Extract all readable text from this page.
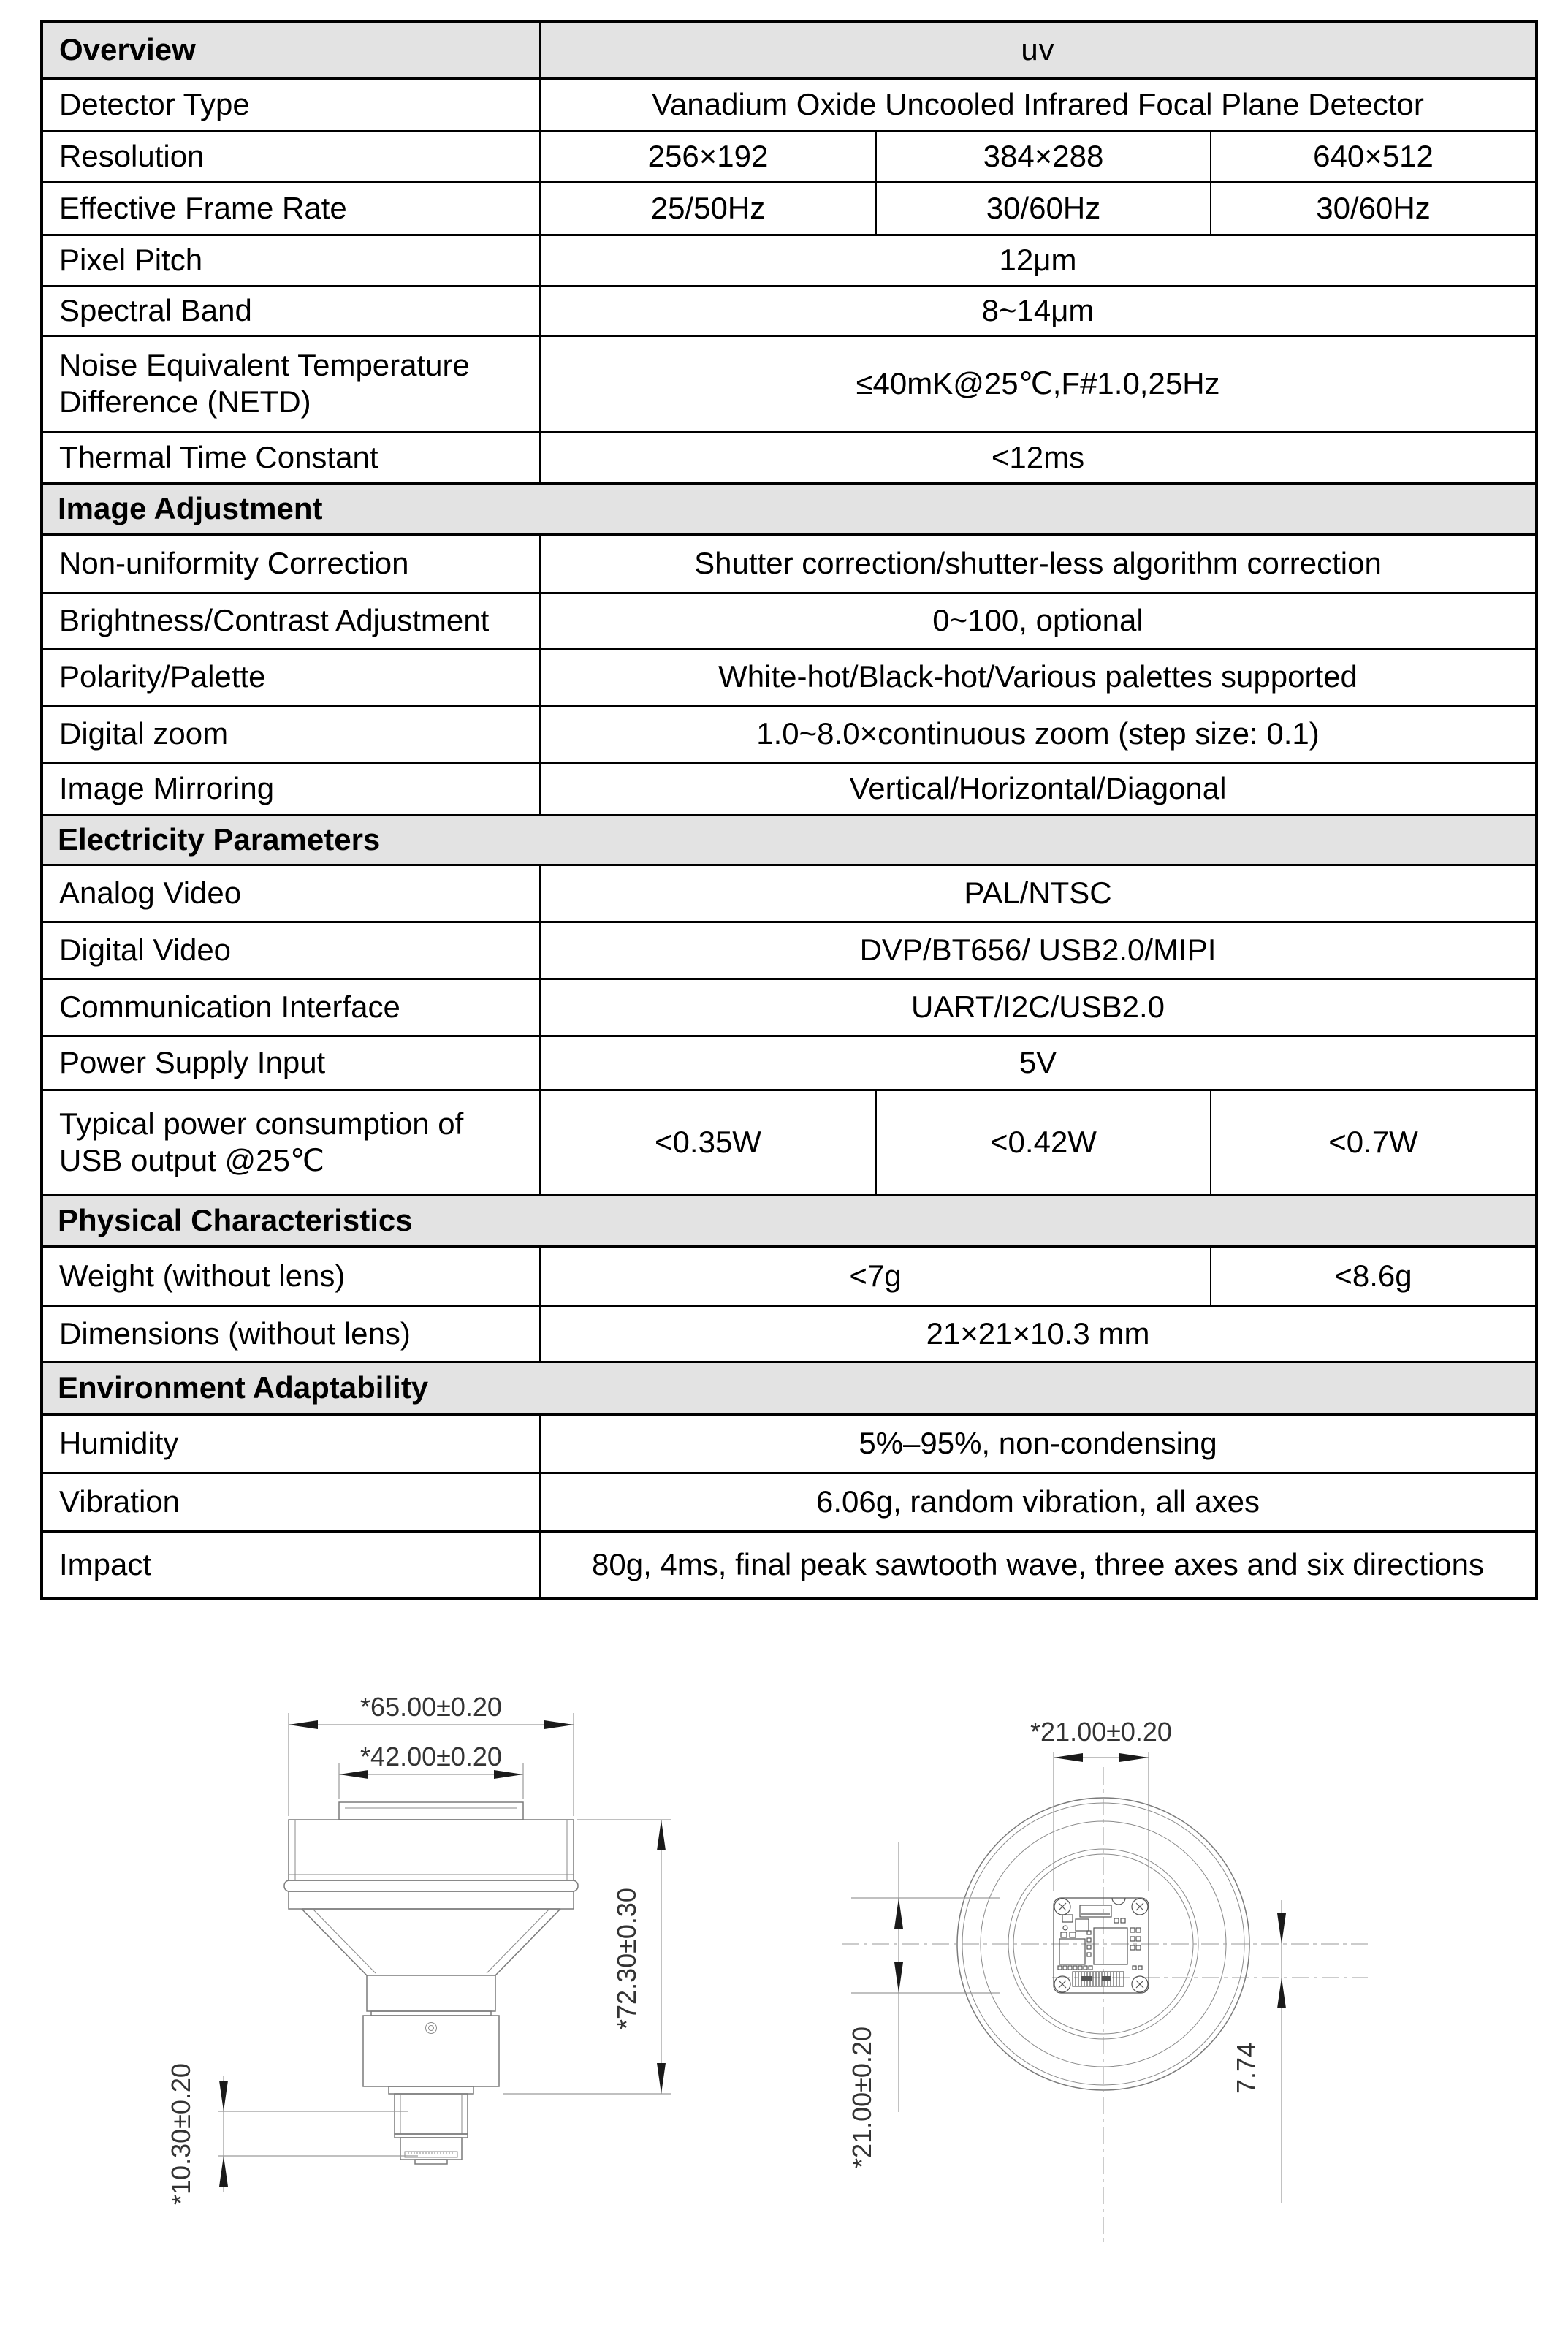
Overview	uv		
Detector Type	Vanadium Oxide Uncooled Infrared Focal Plane Detector		
Resolution	256×192	384×288	640×512
Effective Frame Rate	25/50Hz	30/60Hz	30/60Hz
Pixel Pitch	12μm		
Spectral Band	8~14μm		
Noise Equivalent Temperature Difference (NETD)	≤40mK@25℃,F#1.0,25Hz		
Thermal Time Constant	<12ms		
Image Adjustment			
Non-uniformity Correction	Shutter correction/shutter-less algorithm correction		
Brightness/Contrast Adjustment	0~100, optional		
Polarity/Palette	White-hot/Black-hot/Various palettes supported		
Digital zoom	1.0~8.0×continuous zoom (step size: 0.1)		
Image Mirroring	Vertical/Horizontal/Diagonal		
Electricity Parameters			
Analog Video	PAL/NTSC		
Digital Video	DVP/BT656/ USB2.0/MIPI		
Communication Interface	UART/I2C/USB2.0		
Power Supply Input	5V		
Typical power consumption of USB output @25℃	<0.35W	<0.42W	<0.7W
Physical Characteristics			
Weight (without lens)	<7g		<8.6g
Dimensions (without lens)	21×21×10.3 mm		
Environment Adaptability			
Humidity	5%–95%, non-condensing		
Vibration	6.06g, random vibration, all axes		
Impact	80g, 4ms, final peak sawtooth wave, three axes and six directions		
*65.00±0.20
*42.00±0.20
*72.30±0.30
*10.30±0.20
*21.00±0.20
*21.00±0.20	7.74
